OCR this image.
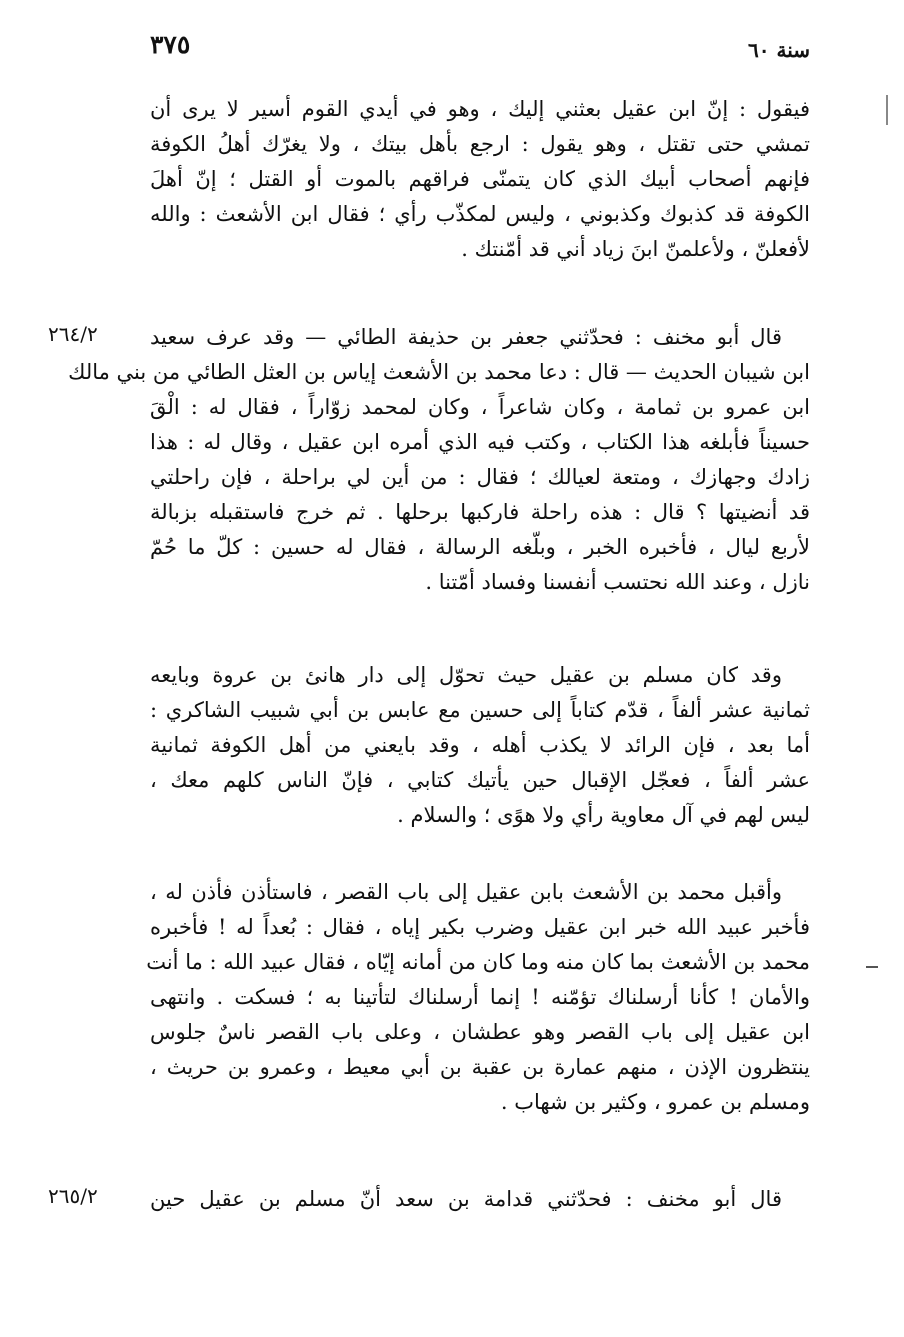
٣٧٥	سنة ٦٠
فيقول : إنّ ابن عقيل بعثني إليك ، وهو في أيدي القوم أسير لا يرى أن
تمشي حتى تقتل ، وهو يقول : ارجع بأهل بيتك ، ولا يغرّك أهلُ الكوفة
فإنهم أصحاب أبيك الذي كان يتمنّى فراقهم بالموت أو القتل ؛ إنّ أهلَ
الكوفة قد كذبوك وكذبوني ، وليس لمكذّب رأي ؛ فقال ابن الأشعث : والله
لأفعلنّ ، ولأعلمنّ ابنَ زياد أني قد أمّنتك .
٢٦٤/٢ قال أبو مخنف : فحدّثني جعفر بن حذيفة الطائي — وقد عرف سعيد
ابن شيبان الحديث — قال : دعا محمد بن الأشعث إياس بن العثل الطائي من بني مالك
ابن عمرو بن ثمامة ، وكان شاعراً ، وكان لمحمد زوّاراً ، فقال له : الْقَ
حسيناً فأبلغه هذا الكتاب ، وكتب فيه الذي أمره ابن عقيل ، وقال له : هذا
زادك وجهازك ، ومتعة لعيالك ؛ فقال : من أين لي براحلة ، فإن راحلتي
قد أنضيتها ؟ قال : هذه راحلة فاركبها برحلها . ثم خرج فاستقبله بزبالة
لأربع ليال ، فأخبره الخبر ، وبلّغه الرسالة ، فقال له حسين : كلّ ما حُمّ
نازل ، وعند الله نحتسب أنفسنا وفساد أمّتنا .
وقد كان مسلم بن عقيل حيث تحوّل إلى دار هانئ بن عروة وبايعه
ثمانية عشر ألفاً ، قدّم كتاباً إلى حسين مع عابس بن أبي شبيب الشاكري :
أما بعد ، فإن الرائد لا يكذب أهله ، وقد بايعني من أهل الكوفة ثمانية
عشر ألفاً ، فعجّل الإقبال حين يأتيك كتابي ، فإنّ الناس كلهم معك ،
ليس لهم في آل معاوية رأي ولا هوًى ؛ والسلام .
وأقبل محمد بن الأشعث بابن عقيل إلى باب القصر ، فاستأذن فأذن له ،
فأخبر عبيد الله خبر ابن عقيل وضرب بكير إياه ، فقال : بُعداً له ! فأخبره
محمد بن الأشعث بما كان منه وما كان من أمانه إيّاه ، فقال عبيد الله : ما أنت
والأمان ! كأنا أرسلناك تؤمّنه ! إنما أرسلناك لتأتينا به ؛ فسكت . وانتهى
ابن عقيل إلى باب القصر وهو عطشان ، وعلى باب القصر ناسٌ جلوس
ينتظرون الإذن ، منهم عمارة بن عقبة بن أبي معيط ، وعمرو بن حريث ،
ومسلم بن عمرو ، وكثير بن شهاب .
قال أبو مخنف : فحدّثني قدامة بن سعد أنّ مسلم بن عقيل حين
٢٦٥/٢
